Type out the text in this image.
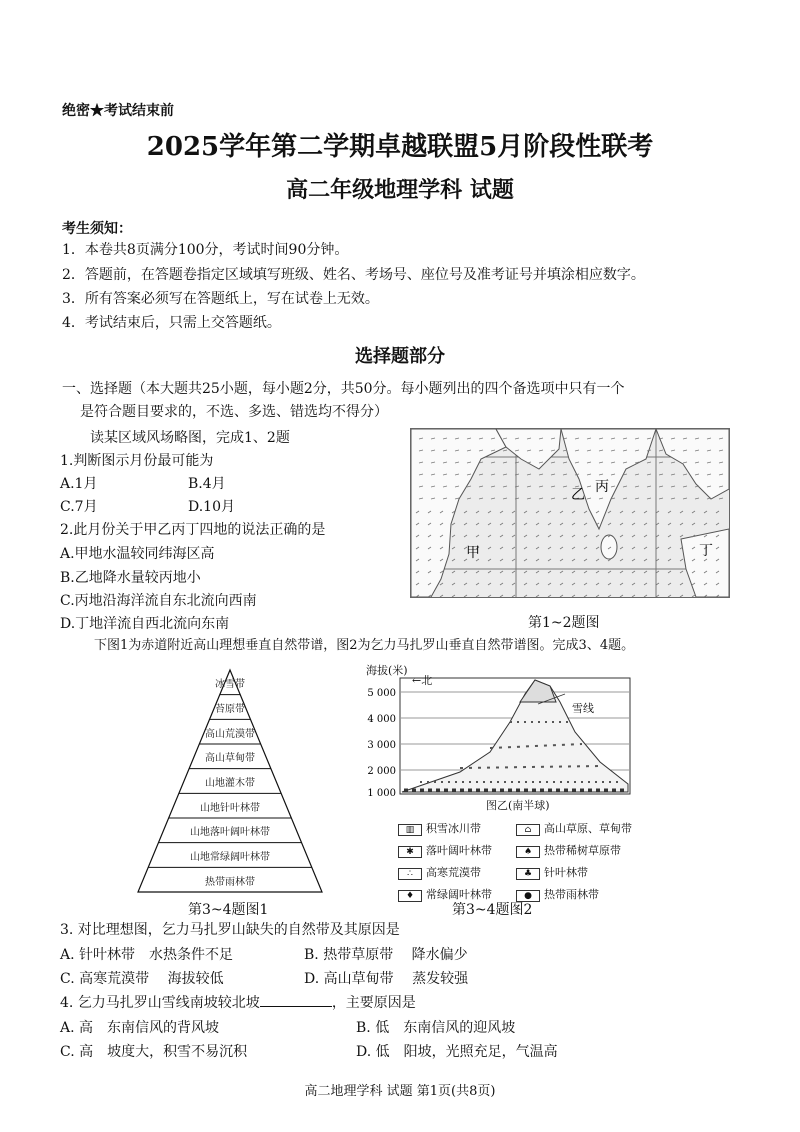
绝密★考试结束前
2025学年第二学期卓越联盟5月阶段性联考
高二年级地理学科 试题
考生须知：
1．本卷共8页满分100分，考试时间90分钟。
2．答题前，在答题卷指定区域填写班级、姓名、考场号、座位号及准考证号并填涂相应数字。
3．所有答案必须写在答题纸上，写在试卷上无效。
4．考试结束后，只需上交答题纸。
选择题部分
一、选择题（本大题共25小题，每小题2分，共50分。每小题列出的四个备选项中只有一个
是符合题目要求的，不选、多选、错选均不得分）
读某区域风场略图，完成1、2题
1.判断图示月份最可能为
A.1月	B.4月
C.7月	D.10月
2.此月份关于甲乙丙丁四地的说法正确的是
A.甲地水温较同纬海区高
B.乙地降水量较丙地小
C.丙地沿海洋流自东北流向西南
D.丁地洋流自西北流向东南
甲
乙 丙
丁
第1~2题图
下图1为赤道附近高山理想垂直自然带谱，图2为乞力马扎罗山垂直自然带谱图。完成3、4题。
冰雪带
苔原带
高山荒漠带
高山草甸带
山地灌木带
山地针叶林带
山地落叶阔叶林带
山地常绿阔叶林带
热带雨林带
第3~4题图1
海拔(米)
5 000
4 000
3 000
2 000
1 000
←北
雪线
图乙(南半球)
▥ 积雪冰川带	⌂ 高山草原、草甸带
✱ 落叶阔叶林带	♠ 热带稀树草原带
∴ 高寒荒漠带	♣ 针叶林带
♦ 常绿阔叶林带	● 热带雨林带
第3~4题图2
3. 对比理想图，乞力马扎罗山缺失的自然带及其原因是
A. 针叶林带　水热条件不足	B. 热带草原带　 降水偏少
C. 高寒荒漠带　 海拔较低	D. 高山草甸带　 蒸发较强
4. 乞力马扎罗山雪线南坡较北坡	，主要原因是
A. 高　东南信风的背风坡	B. 低　东南信风的迎风坡
C. 高　坡度大，积雪不易沉积	D. 低　阳坡，光照充足，气温高
高二地理学科 试题 第1页(共8页)
